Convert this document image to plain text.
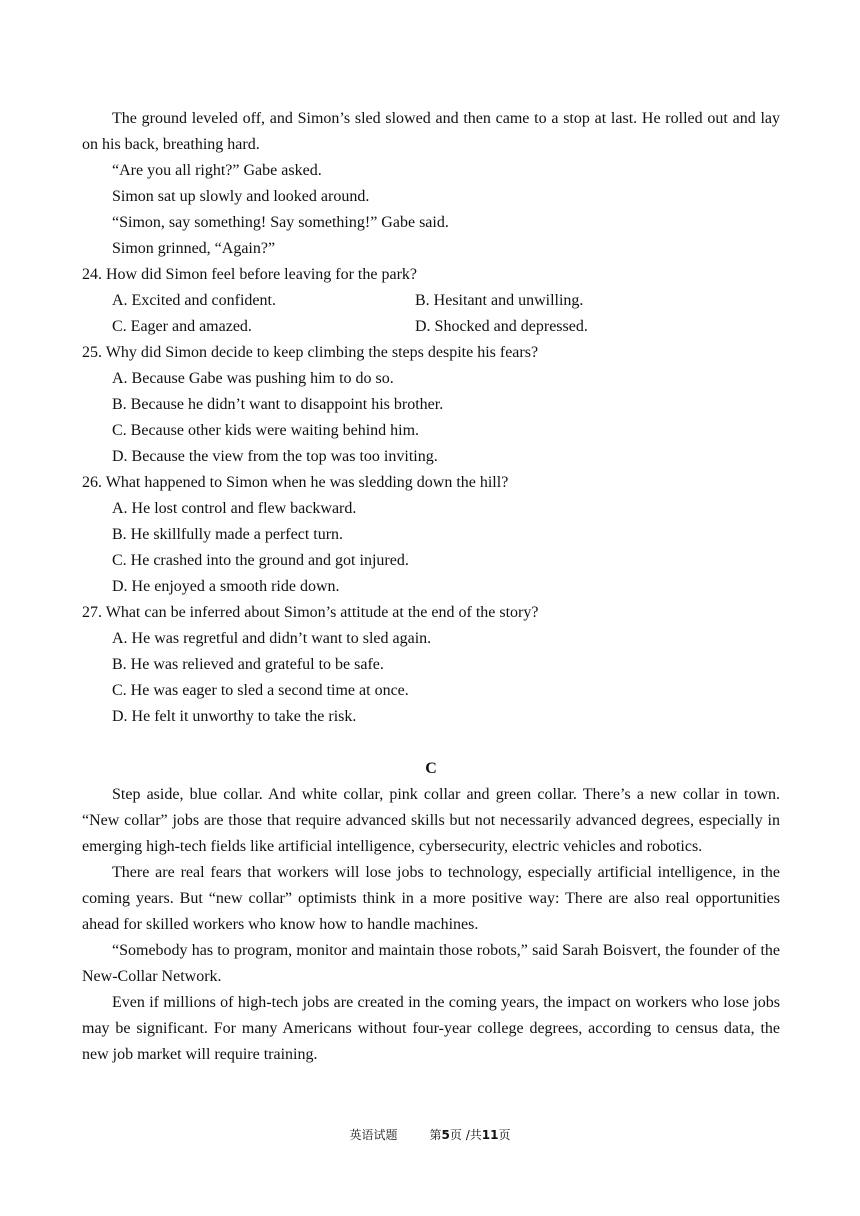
The ground leveled off, and Simon’s sled slowed and then came to a stop at last. He rolled out and lay on his back, breathing hard.

“Are you all right?” Gabe asked.
Simon sat up slowly and looked around.
“Simon, say something! Say something!” Gabe said.
Simon grinned, “Again?”
24. How did Simon feel before leaving for the park?
A. Excited and confident.	B. Hesitant and unwilling.
C. Eager and amazed.	D. Shocked and depressed.
25. Why did Simon decide to keep climbing the steps despite his fears?
A. Because Gabe was pushing him to do so.
B. Because he didn’t want to disappoint his brother.
C. Because other kids were waiting behind him.
D. Because the view from the top was too inviting.
26. What happened to Simon when he was sledding down the hill?
A. He lost control and flew backward.
B. He skillfully made a perfect turn.
C. He crashed into the ground and got injured.
D. He enjoyed a smooth ride down.
27. What can be inferred about Simon’s attitude at the end of the story?
A. He was regretful and didn’t want to sled again.
B. He was relieved and grateful to be safe.
C. He was eager to sled a second time at once.
D. He felt it unworthy to take the risk.
C

Step aside, blue collar. And white collar, pink collar and green collar. There’s a new collar in town. “New collar” jobs are those that require advanced skills but not necessarily advanced degrees, especially in emerging high-tech fields like artificial intelligence, cybersecurity, electric vehicles and robotics.

There are real fears that workers will lose jobs to technology, especially artificial intelligence, in the coming years. But “new collar” optimists think in a more positive way: There are also real opportunities ahead for skilled workers who know how to handle machines.

“Somebody has to program, monitor and maintain those robots,” said Sarah Boisvert, the founder of the New-Collar Network.

Even if millions of high-tech jobs are created in the coming years, the impact on workers who lose jobs may be significant. For many Americans without four-year college degrees, according to census data, the new job market will require training.

英语试题	第5页 /共11页
